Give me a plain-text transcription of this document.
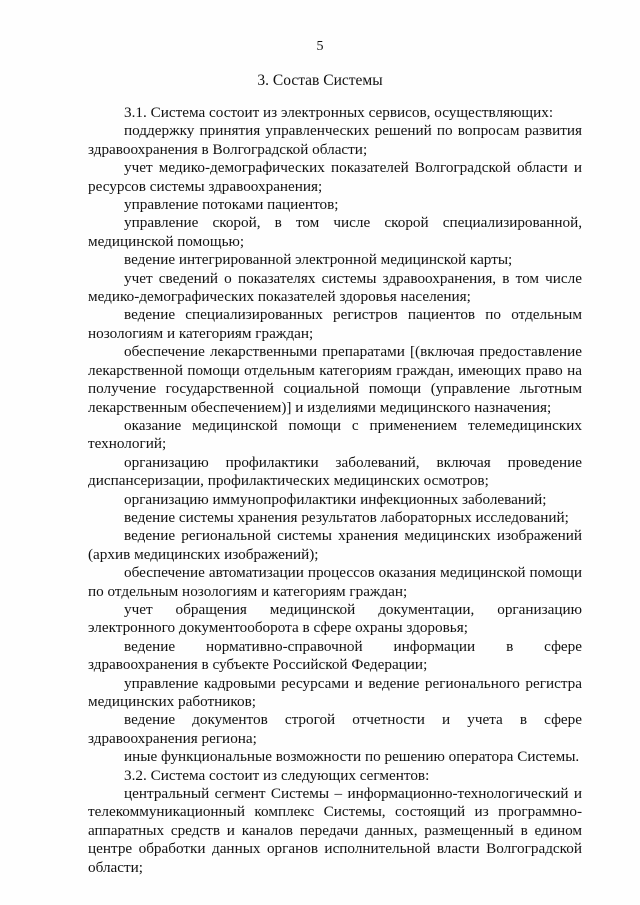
5
3. Состав Системы

3.1. Система состоит из электронных сервисов, осуществляющих:

поддержку принятия управленческих решений по вопросам развития здравоохранения в Волгоградской области;

учет медико-демографических показателей Волгоградской области и ресурсов системы здравоохранения;

управление потоками пациентов;

управление скорой, в том числе скорой специализированной, медицинской помощью;

ведение интегрированной электронной медицинской карты;

учет сведений о показателях системы здравоохранения, в том числе медико-демографических показателей здоровья населения;

ведение специализированных регистров пациентов по отдельным нозологиям и категориям граждан;

обеспечение лекарственными препаратами [(включая предоставление лекарственной помощи отдельным категориям граждан, имеющих право на получение государственной социальной помощи (управление льготным лекарственным обеспечением)] и изделиями медицинского назначения;

оказание медицинской помощи с применением телемедицинских технологий;

организацию профилактики заболеваний, включая проведение диспансеризации, профилактических медицинских осмотров;

организацию иммунопрофилактики инфекционных заболеваний;

ведение системы хранения результатов лабораторных исследований;

ведение региональной системы хранения медицинских изображений (архив медицинских изображений);

обеспечение автоматизации процессов оказания медицинской помощи по отдельным нозологиям и категориям граждан;

учет обращения медицинской документации, организацию электронного документооборота в сфере охраны здоровья;

ведение нормативно-справочной информации в сфере здравоохранения в субъекте Российской Федерации;

управление кадровыми ресурсами и ведение регионального регистра медицинских работников;

ведение документов строгой отчетности и учета в сфере здравоохранения региона;

иные функциональные возможности по решению оператора Системы.

3.2. Система состоит из следующих сегментов:

центральный сегмент Системы – информационно-технологический и телекоммуникационный комплекс Системы, состоящий из программно-аппаратных средств и каналов передачи данных, размещенный в едином центре обработки данных органов исполнительной власти Волгоградской области;
